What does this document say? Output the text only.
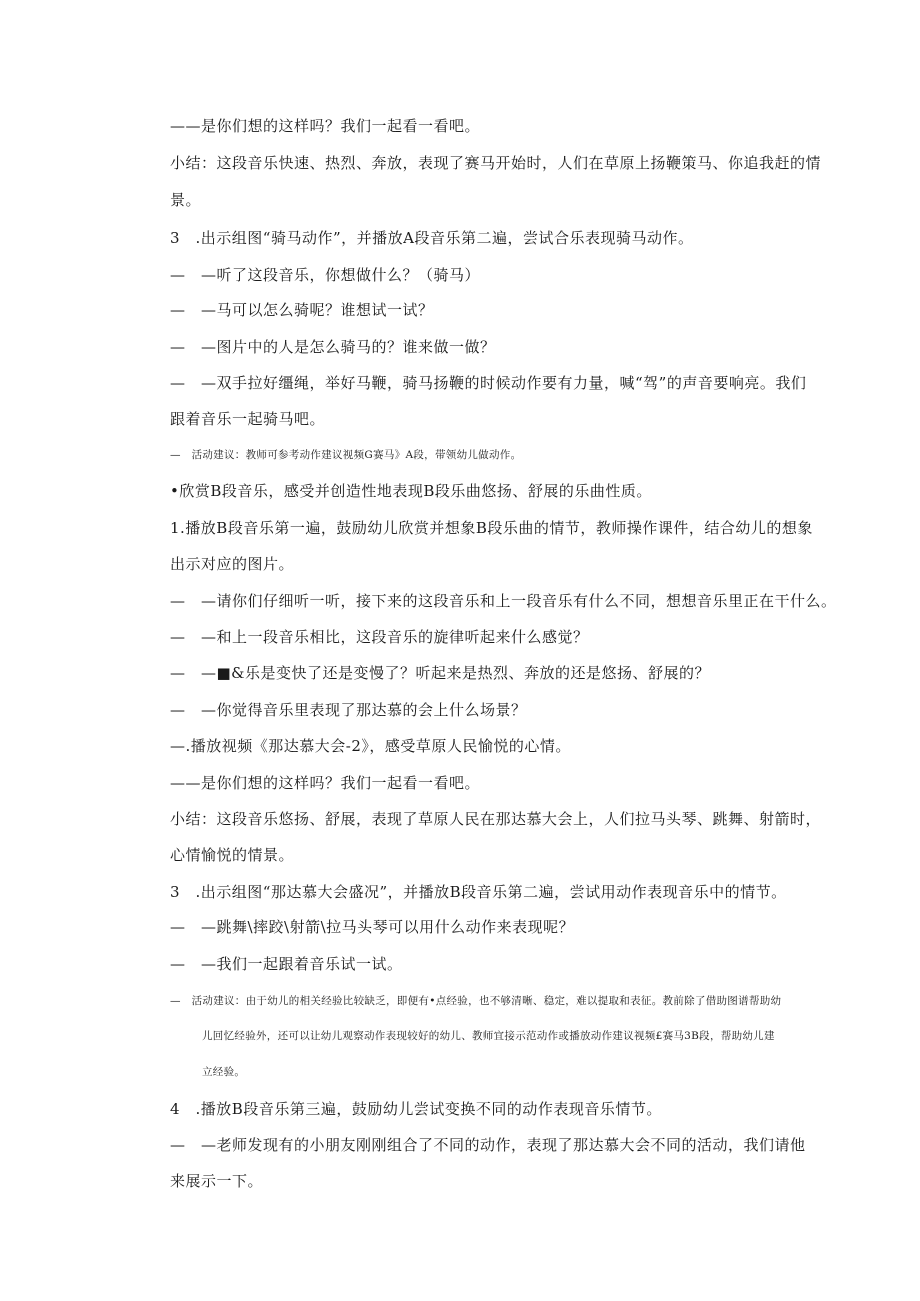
——是你们想的这样吗？我们一起看一看吧。
小结：这段音乐快速、热烈、奔放，表现了赛马开始时，人们在草原上扬鞭策马、你追我赶的情
景。
3　.出示组图“骑马动作”，并播放A段音乐第二遍，尝试合乐表现骑马动作。
—　—听了这段音乐，你想做什么？（骑马）
—　—马可以怎么骑呢？谁想试一试？
—　—图片中的人是怎么骑马的？谁来做一做？
—　—双手拉好缰绳，举好马鞭，骑马扬鞭的时候动作要有力量，喊“驾”的声音要响亮。我们
跟着音乐一起骑马吧。
—　活动建议：教师可参考动作建议视频G赛马》A段，带领幼儿做动作。
•欣赏B段音乐，感受并创造性地表现B段乐曲悠扬、舒展的乐曲性质。
1.播放B段音乐第一遍，鼓励幼儿欣赏并想象B段乐曲的情节，教师操作课件，结合幼儿的想象
出示对应的图片。
—　—请你们仔细听一听，接下来的这段音乐和上一段音乐有什么不同，想想音乐里正在干什么。
—　—和上一段音乐相比，这段音乐的旋律听起来什么感觉？
—　—■&乐是变快了还是变慢了？听起来是热烈、奔放的还是悠扬、舒展的？
—　—你觉得音乐里表现了那达慕的会上什么场景？
—.播放视频《那达慕大会-2》，感受草原人民愉悦的心情。
——是你们想的这样吗？我们一起看一看吧。
小结：这段音乐悠扬、舒展，表现了草原人民在那达慕大会上，人们拉马头琴、跳舞、射箭时，
心情愉悦的情景。
3　.出示组图“那达慕大会盛况”，并播放B段音乐第二遍，尝试用动作表现音乐中的情节。
—　—跳舞\摔跤\射箭\拉马头琴可以用什么动作来表现呢？
—　—我们一起跟着音乐试一试。
—　活动建议：由于幼儿的相关经验比较缺乏，即便有•点经验，也不够清晰、稳定，难以提取和表征。教前除了借助图谱帮助幼
儿回忆经验外，还可以让幼儿观察动作表现较好的幼儿、教师宜接示范动作或播放动作建议视频£赛马3B段，帮助幼儿建
立经验。
4　.播放B段音乐第三遍，鼓励幼儿尝试变换不同的动作表现音乐情节。
—　—老师发现有的小朋友刚刚组合了不同的动作，表现了那达慕大会不同的活动，我们请他
来展示一下。
